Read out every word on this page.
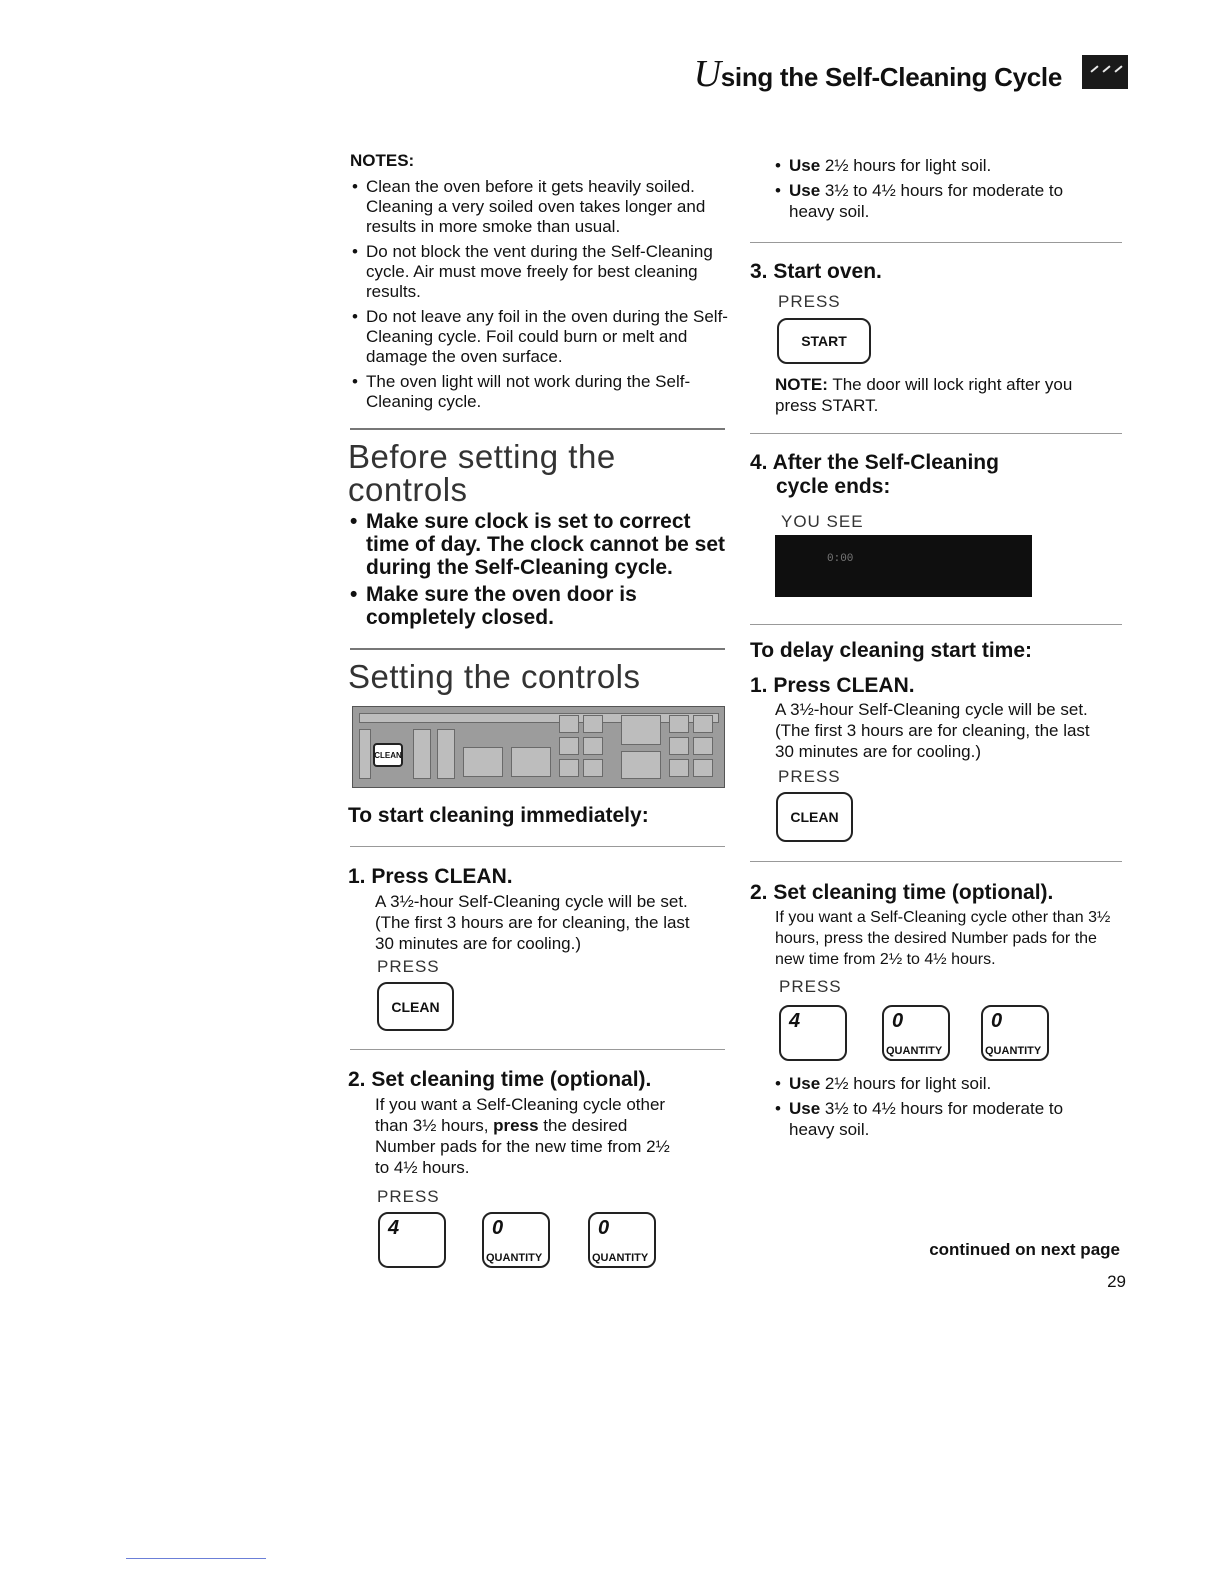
Using the Self-Cleaning Cycle
NOTES:
• Clean the oven before it gets heavily soiled. Cleaning a very soiled oven takes longer and results in more smoke than usual.
• Do not block the vent during the Self-Cleaning cycle. Air must move freely for best cleaning results.
• Do not leave any foil in the oven during the Self-Cleaning cycle. Foil could burn or melt and damage the oven surface.
• The oven light will not work during the Self-Cleaning cycle.
Before setting the
controls
• Make sure clock is set to correct time of day. The clock cannot be set during the Self-Cleaning cycle.
• Make sure the oven door is completely closed.
Setting the controls
CLEAN
To start cleaning immediately:
1. Press CLEAN.
A 3½-hour Self-Cleaning cycle will be set. (The first 3 hours are for cleaning, the last 30 minutes are for cooling.)
PRESS
CLEAN
2. Set cleaning time (optional).
If you want a Self-Cleaning cycle other than 3½ hours, press the desired Number pads for the new time from 2½ to 4½ hours.
PRESS
4	0
QUANTITY
0
QUANTITY
• Use 2½ hours for light soil.
• Use 3½ to 4½ hours for moderate to heavy soil.
3. Start oven.
PRESS
START
NOTE: The door will lock right after you press START.
4. After the Self-Cleaning
cycle ends:
YOU SEE
0:00
To delay cleaning start time:
1. Press CLEAN.
A 3½-hour Self-Cleaning cycle will be set. (The first 3 hours are for cleaning, the last 30 minutes are for cooling.)
PRESS
CLEAN
2. Set cleaning time (optional).
If you want a Self-Cleaning cycle other than 3½ hours, press the desired Number pads for the new time from 2½ to 4½ hours.
PRESS
4	0
QUANTITY
0
QUANTITY
• Use 2½ hours for light soil.
• Use 3½ to 4½ hours for moderate to heavy soil.
continued on next page
29
